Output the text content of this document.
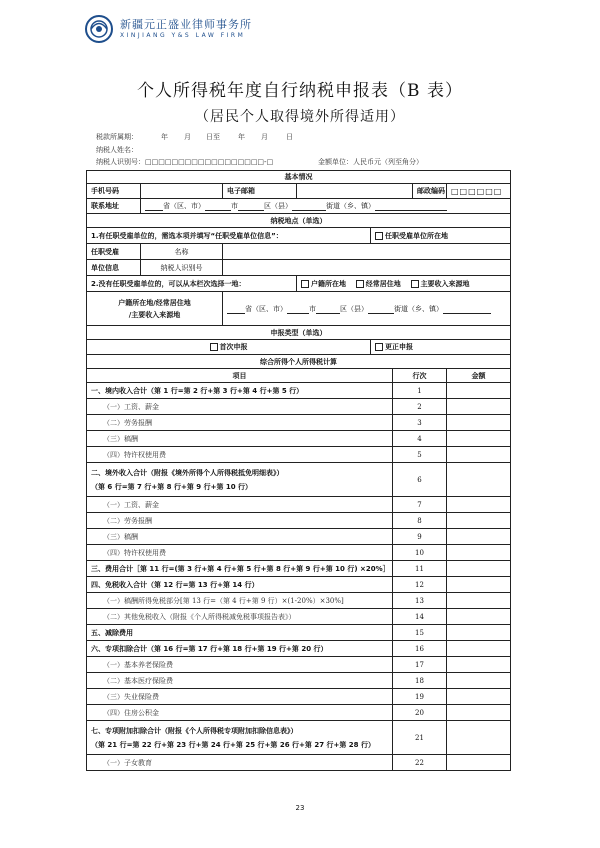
新疆元正盛业律师事务所
XINJIANG Y&S LAW FIRM
个人所得税年度自行纳税申报表（B 表）
（居民个人取得境外所得适用）
税款所属期：	年 月 日至	年 月	日
纳税人姓名：
纳税人识别号：□□□□□□□□□□□□□□□□□□-□	金额单位：人民币元（列至角分）
基本情况							
手机号码		电子邮箱				邮政编码	□□□□□□
联系地址	省（区、市） 市 区（县） 街道（乡、镇）						
纳税地点（单选）							
1.有任职受雇单位的，需选本项并填写“任职受雇单位信息”：				任职受雇单位所在地			
任职受雇	名称						
单位信息	纳税人识别号						
2.没有任职受雇单位的，可以从本栏次选择一地：			户籍所在地 经常居住地 主要收入来源地				
户籍所在地/经常居住地
/主要收入来源地		省（区、市） 市 区（县） 街道（乡、镇）					
申报类型（单选）							
首次申报				更正申报			
综合所得个人所得税计算							
项目					行次		金额
一、境内收入合计（第 1 行=第 2 行+第 3 行+第 4 行+第 5 行）					1		
（一）工资、薪金					2		
（二）劳务报酬					3		
（三）稿酬					4		
（四）特许权使用费					5		
二、境外收入合计（附报《境外所得个人所得税抵免明细表》）
（第 6 行=第 7 行+第 8 行+第 9 行+第 10 行）					6		
（一）工资、薪金					7		
（二）劳务报酬					8		
（三）稿酬					9		
（四）特许权使用费					10		
三、费用合计［第 11 行=(第 3 行+第 4 行+第 5 行+第 8 行+第 9 行+第 10 行) ×20%］					11		
四、免税收入合计（第 12 行=第 13 行+第 14 行）					12		
（一）稿酬所得免税部分[第 13 行=（第 4 行+第 9 行）×(1-20%）×30%]					13		
（二）其他免税收入（附报《个人所得税减免税事项报告表》）					14		
五、减除费用					15		
六、专项扣除合计（第 16 行=第 17 行+第 18 行+第 19 行+第 20 行）					16		
（一）基本养老保险费					17		
（二）基本医疗保险费					18		
（三）失业保险费					19		
（四）住房公积金					20		
七、专项附加扣除合计（附报《个人所得税专项附加扣除信息表》）
（第 21 行=第 22 行+第 23 行+第 24 行+第 25 行+第 26 行+第 27 行+第 28 行）					21		
（一）子女教育					22		
23
